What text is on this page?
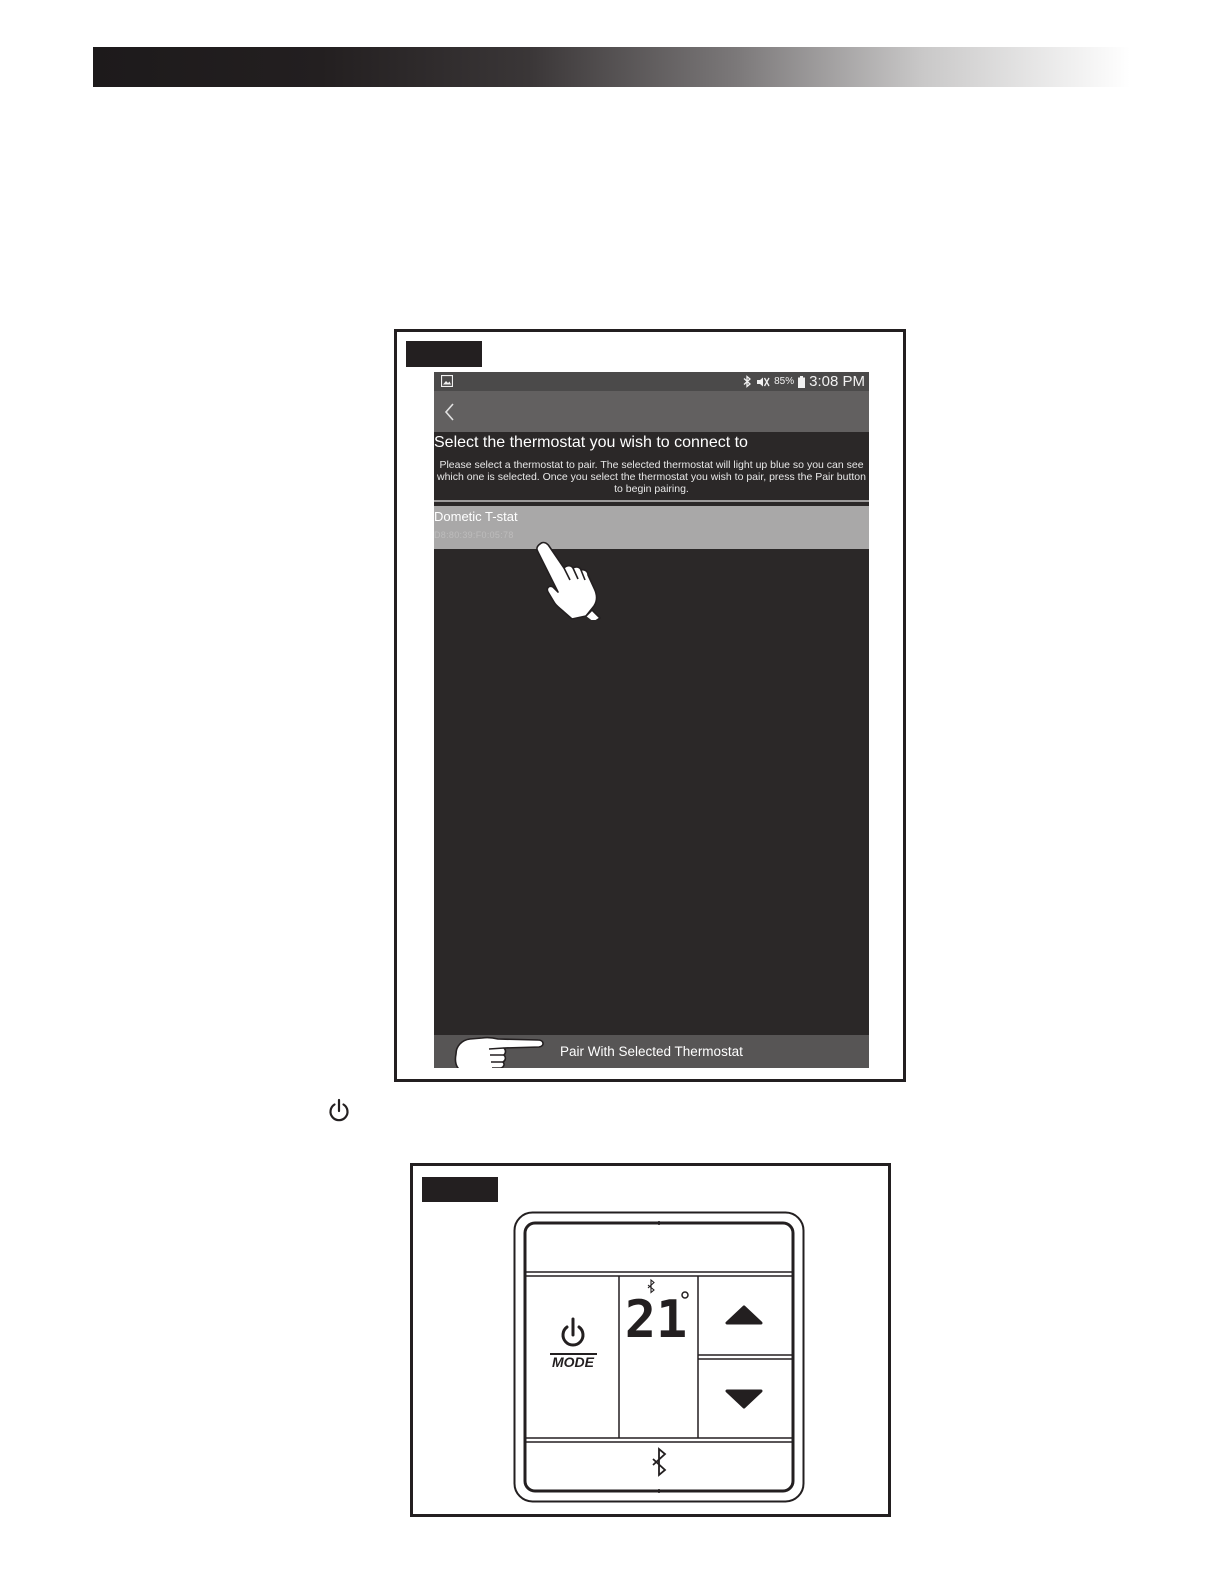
85% 3:08 PM
Select the thermostat you wish to connect to
Please select a thermostat to pair. The selected thermostat will light up blue so you can see which one is selected. Once you select the thermostat you wish to pair, press the Pair button to begin pairing.
Dometic T-stat
D8:80:39:F0:05:78
Pair With Selected Thermostat
MODE
21
